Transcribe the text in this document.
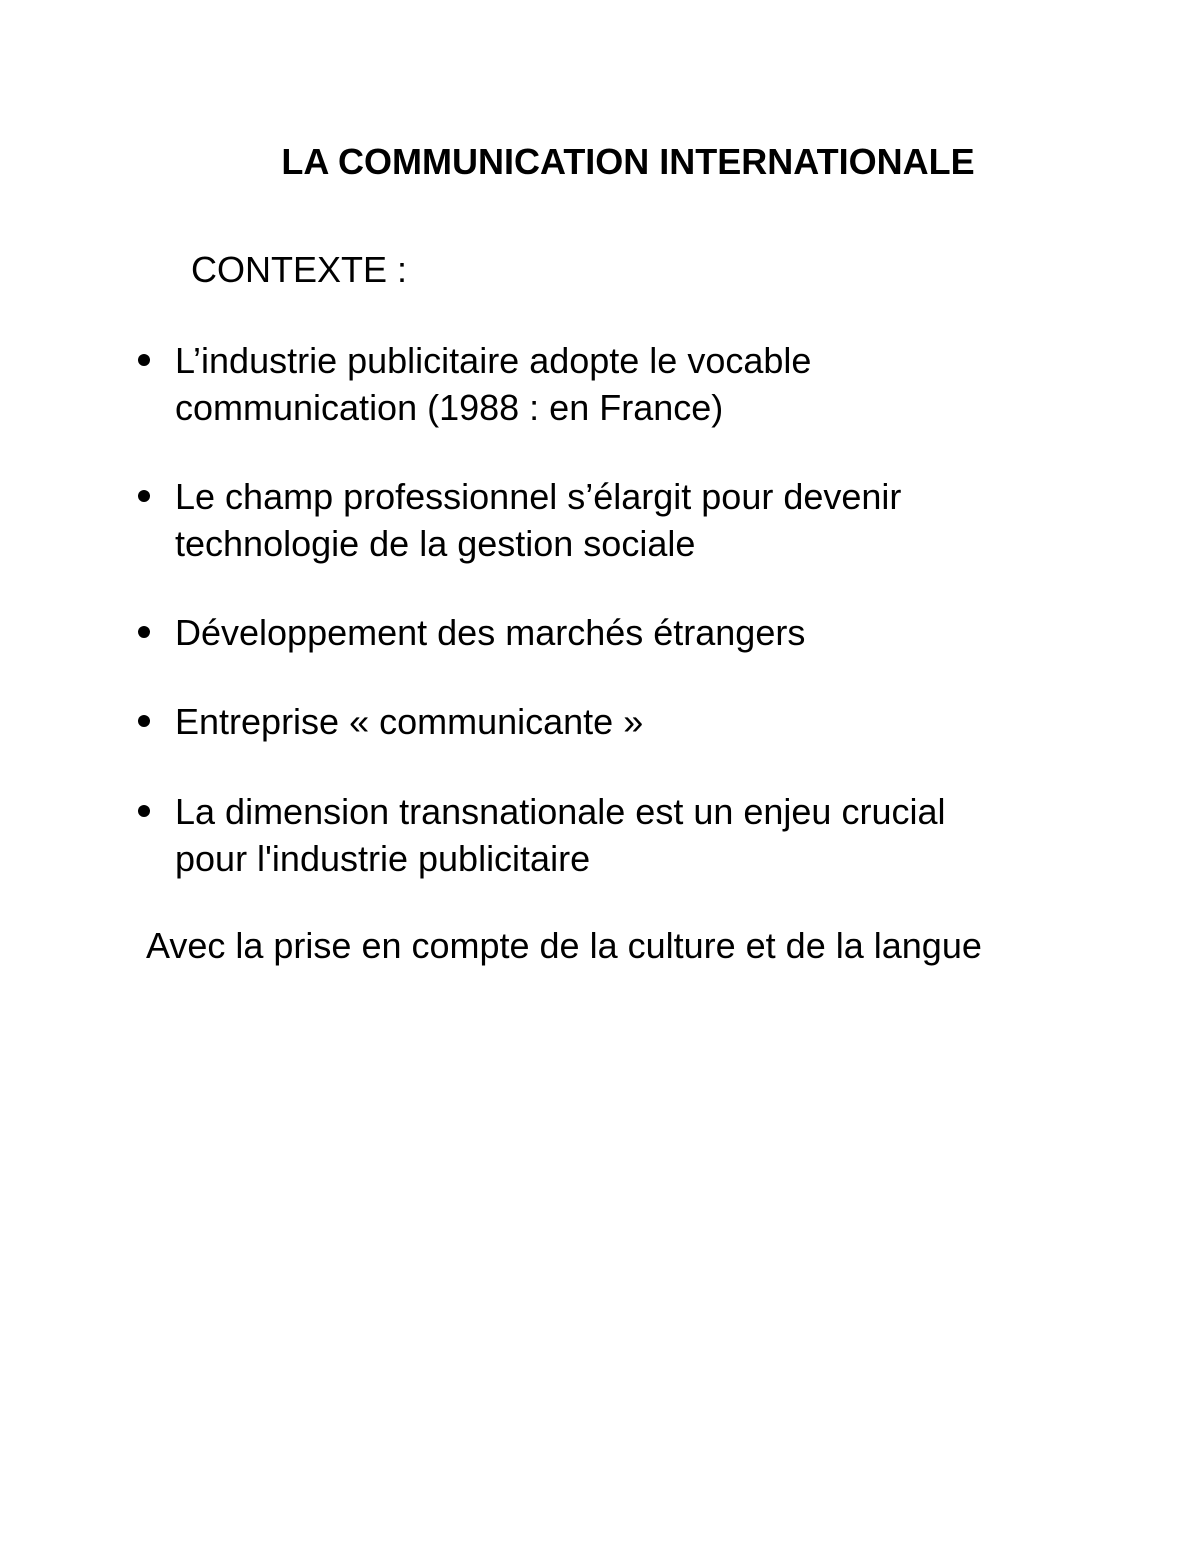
LA COMMUNICATION INTERNATIONALE
CONTEXTE :
L’industrie publicitaire adopte le vocable
communication (1988 : en France)
Le champ professionnel s’élargit pour devenir
technologie de la gestion sociale
Développement des marchés étrangers
Entreprise « communicante »
La dimension transnationale est un enjeu crucial
pour l'industrie publicitaire
Avec la prise en compte de la culture et de la langue
